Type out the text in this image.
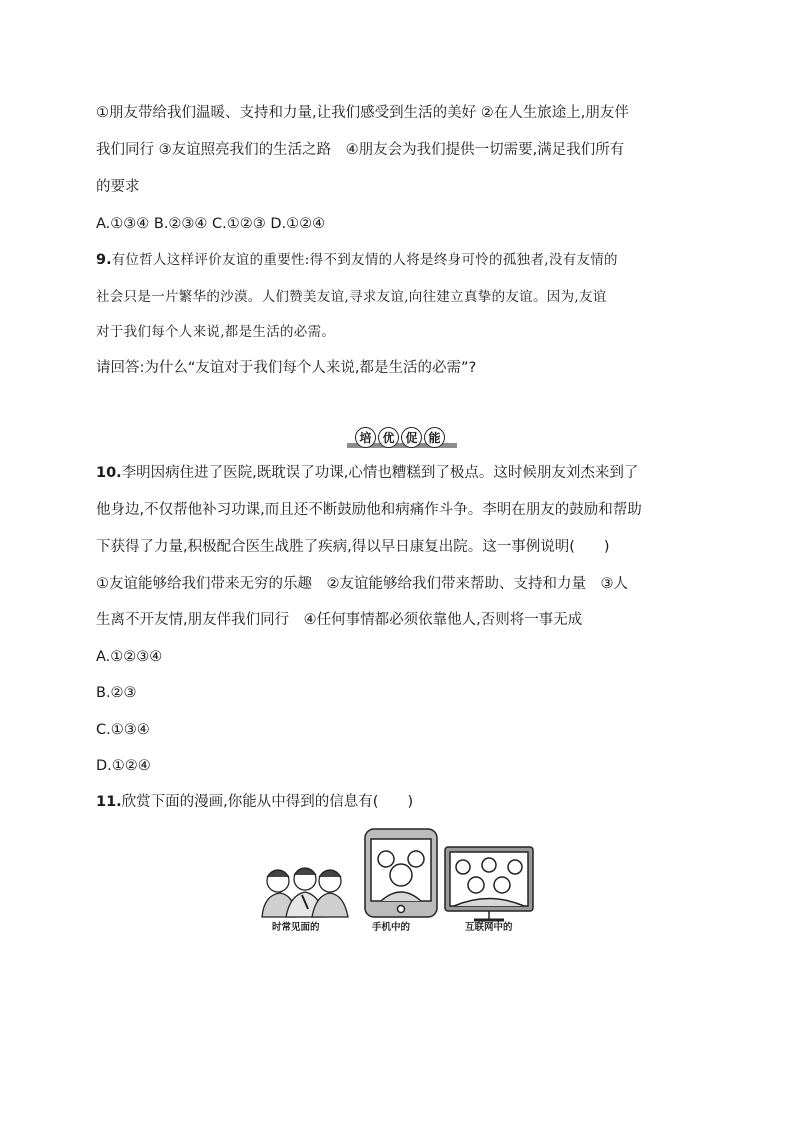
①朋友带给我们温暖、支持和力量,让我们感受到生活的美好 ②在人生旅途上,朋友伴
我们同行 ③友谊照亮我们的生活之路　④朋友会为我们提供一切需要,满足我们所有
的要求
A.①③④ B.②③④ C.①②③ D.①②④
9.有位哲人这样评价友谊的重要性:得不到友情的人将是终身可怜的孤独者,没有友情的
社会只是一片繁华的沙漠。人们赞美友谊,寻求友谊,向往建立真挚的友谊。因为,友谊
对于我们每个人来说,都是生活的必需。
请回答:为什么“友谊对于我们每个人来说,都是生活的必需”?
培 优 促 能
10.李明因病住进了医院,既耽误了功课,心情也糟糕到了极点。这时候朋友刘杰来到了
他身边,不仅帮他补习功课,而且还不断鼓励他和病痛作斗争。李明在朋友的鼓励和帮助
下获得了力量,积极配合医生战胜了疾病,得以早日康复出院。这一事例说明(　　)
①友谊能够给我们带来无穷的乐趣　②友谊能够给我们带来帮助、支持和力量　③人
生离不开友情,朋友伴我们同行　④任何事情都必须依靠他人,否则将一事无成
A.①②③④
B.②③
C.①③④
D.①②④
11.欣赏下面的漫画,你能从中得到的信息有(　　)
时常见面的	手机中的	互联网中的
